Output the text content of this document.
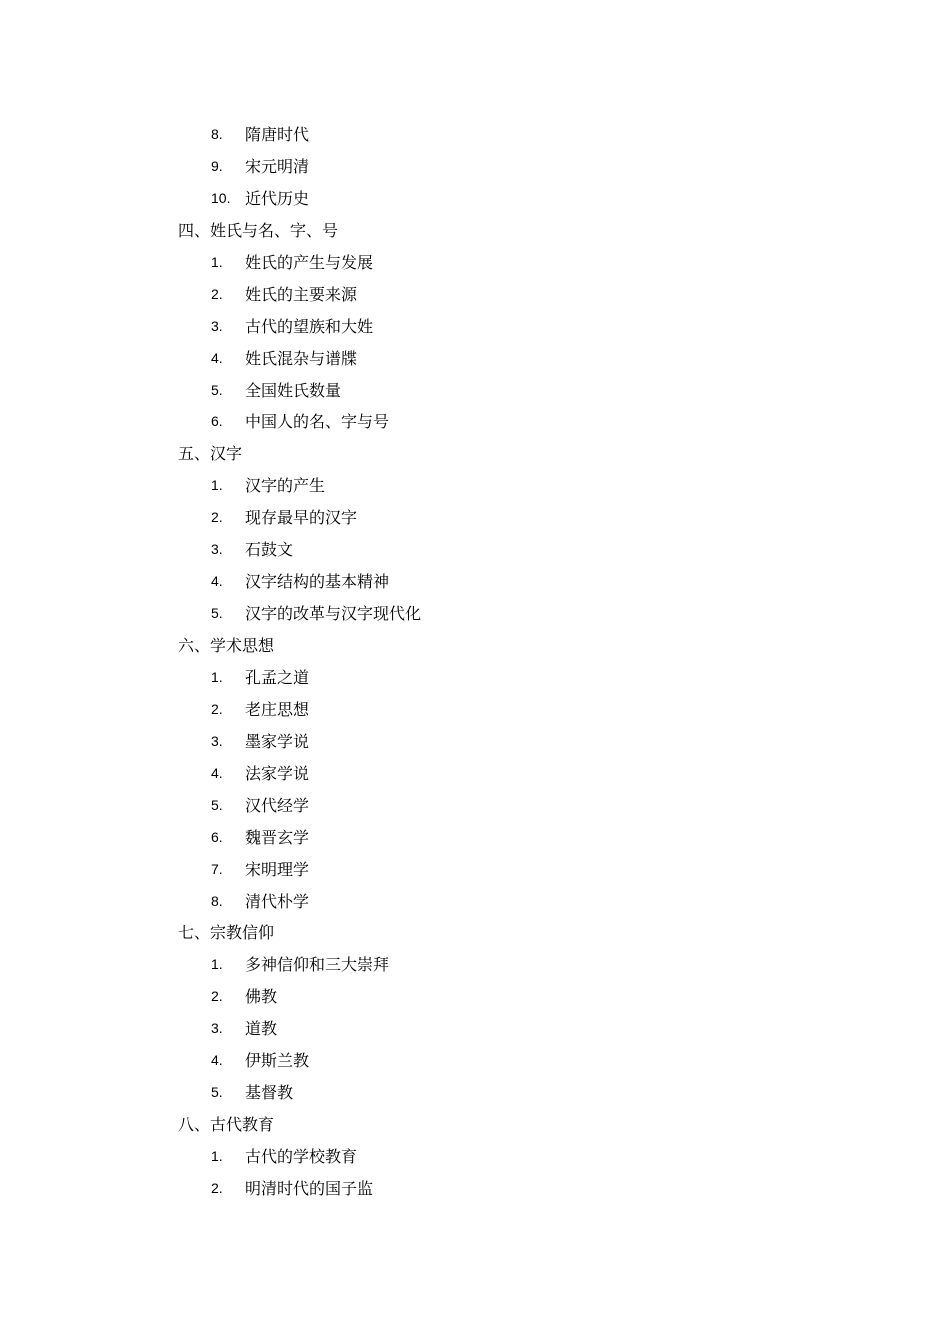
8. 隋唐时代
9. 宋元明清
10. 近代历史
四、姓氏与名、字、号
1. 姓氏的产生与发展
2. 姓氏的主要来源
3. 古代的望族和大姓
4. 姓氏混杂与谱牒
5. 全国姓氏数量
6. 中国人的名、字与号
五、汉字
1. 汉字的产生
2. 现存最早的汉字
3. 石鼓文
4. 汉字结构的基本精神
5. 汉字的改革与汉字现代化
六、学术思想
1. 孔孟之道
2. 老庄思想
3. 墨家学说
4. 法家学说
5. 汉代经学
6. 魏晋玄学
7. 宋明理学
8. 清代朴学
七、宗教信仰
1. 多神信仰和三大崇拜
2. 佛教
3. 道教
4. 伊斯兰教
5. 基督教
八、古代教育
1. 古代的学校教育
2. 明清时代的国子监
